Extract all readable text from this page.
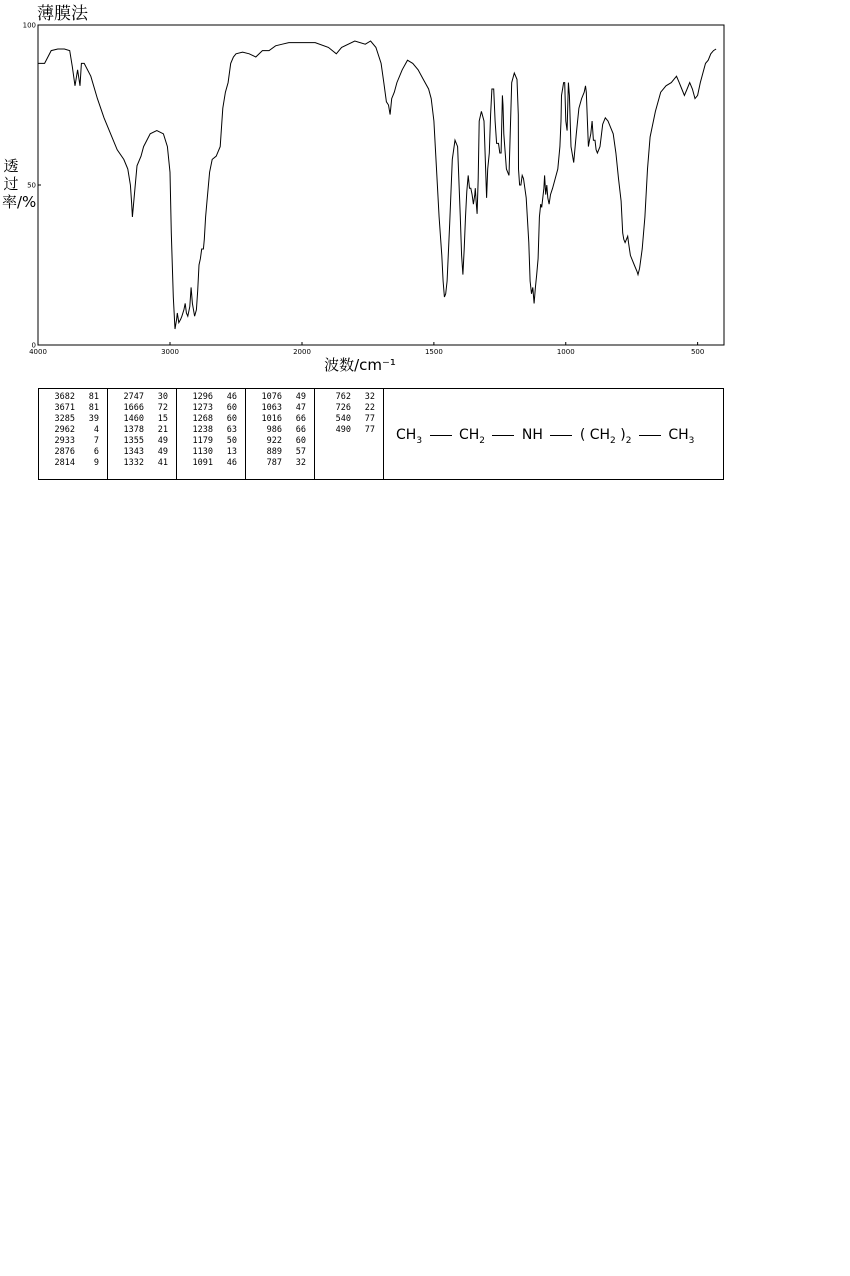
薄膜法
透过率/%
4000	3000	2000	1500	1000	500
0
50
100
波数/cm⁻¹
3682	81
3671	81
3285	39
2962	4
2933	7
2876	6
2814	9
2747	30
1666	72
1460	15
1378	21
1355	49
1343	49
1332	41
1296	46
1273	60
1268	60
1238	63
1179	50
1130	13
1091	46
1076	49
1063	47
1016	66
986	66
922	60
889	57
787	32
762	32
726	22
540	77
490	77 $CH_3$	$CH_2$	NH	( $CH_2$ )$_2$	$CH_3$
